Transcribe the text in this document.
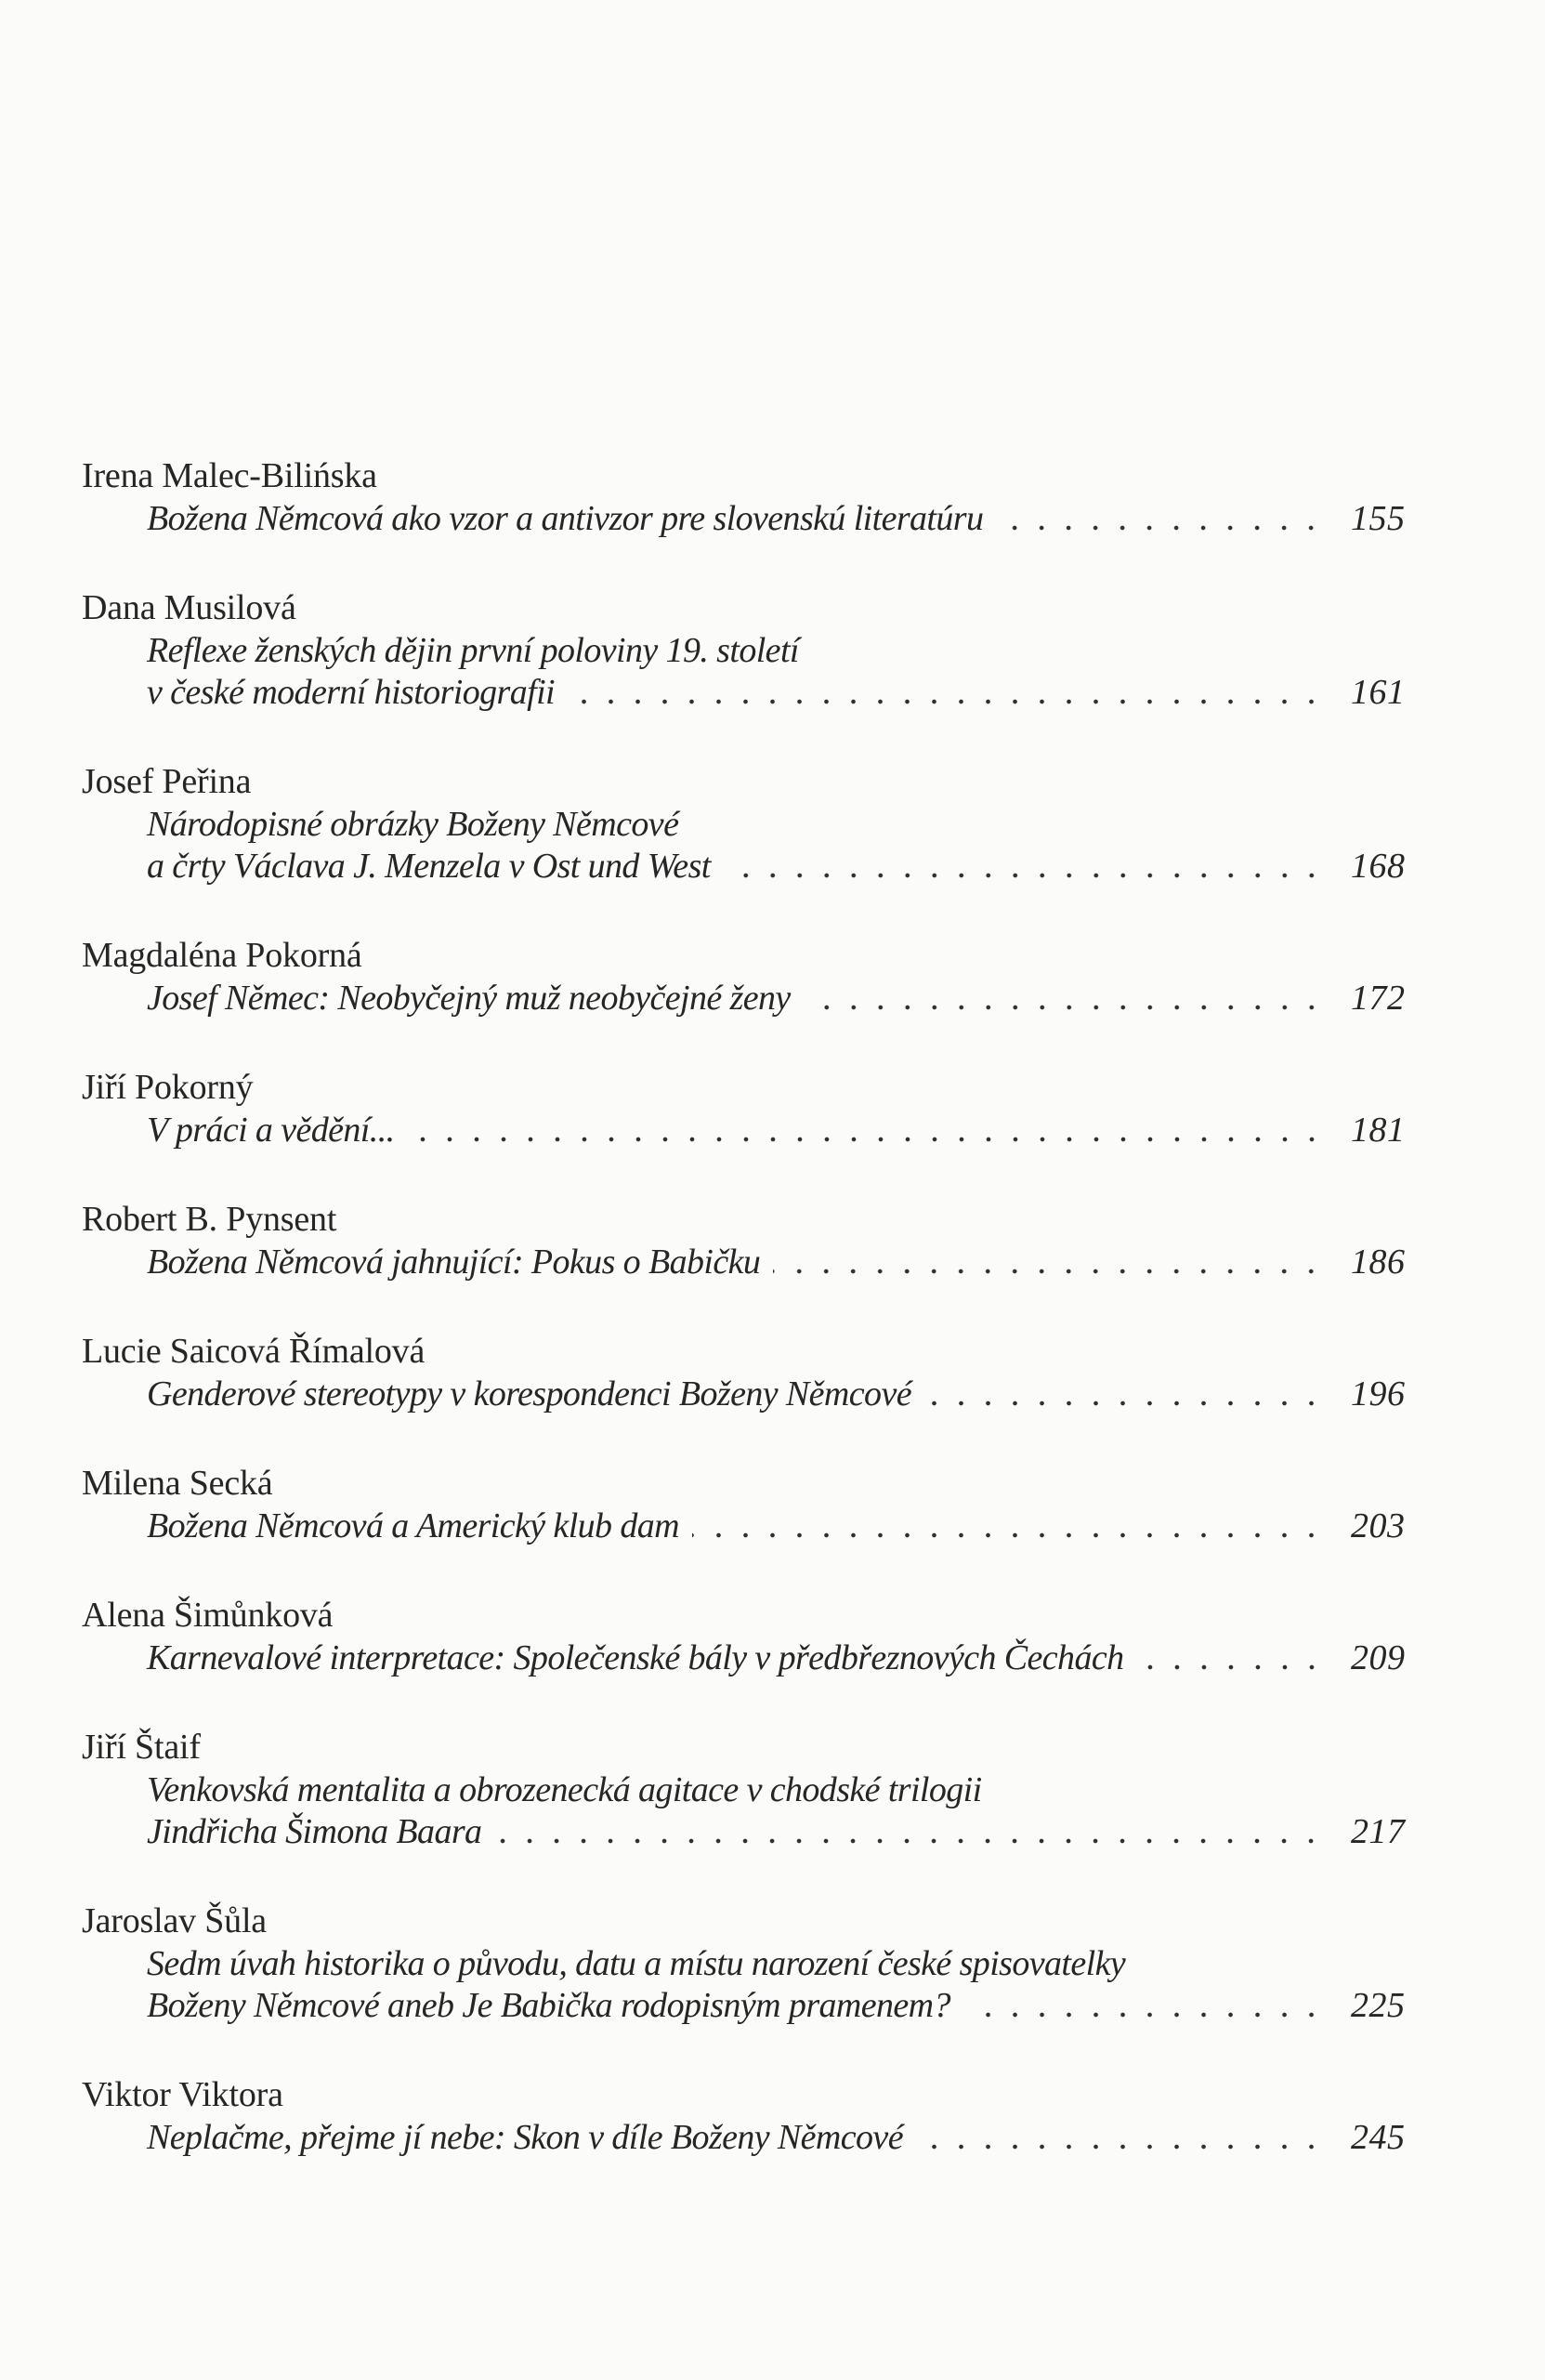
Irena Malec-Bilińska
Božena Němcová ako vzor a antivzor pre slovenskú literatúru	155
Dana Musilová
Reflexe ženských dějin první poloviny 19. století
v české moderní historiografii	161
Josef Peřina
Národopisné obrázky Boženy Němcové
a črty Václava J. Menzela v Ost und West	168
Magdaléna Pokorná
Josef Němec: Neobyčejný muž neobyčejné ženy	172
Jiří Pokorný
V práci a vědění...	181
Robert B. Pynsent
Božena Němcová jahnující: Pokus o Babičku	186
Lucie Saicová Římalová
Genderové stereotypy v korespondenci Boženy Němcové	196
Milena Secká
Božena Němcová a Americký klub dam	203
Alena Šimůnková
Karnevalové interpretace: Společenské bály v předbřeznových Čechách	209
Jiří Štaif
Venkovská mentalita a obrozenecká agitace v chodské trilogii
Jindřicha Šimona Baara	217
Jaroslav Šůla
Sedm úvah historika o původu, datu a místu narození české spisovatelky
Boženy Němcové aneb Je Babička rodopisným pramenem?	225
Viktor Viktora
Neplačme, přejme jí nebe: Skon v díle Boženy Němcové	245
